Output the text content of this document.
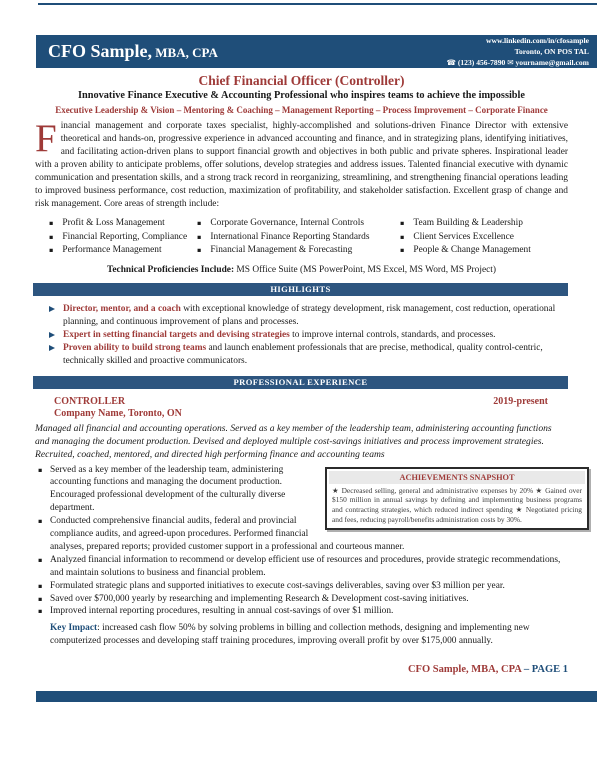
CFO Sample, MBA, CPA
www.linkedin.com/in/cfosample
Toronto, ON POS TAL
☎ (123) 456-7890 ✉ yourname@gmail.com
Chief Financial Officer (Controller)
Innovative Finance Executive & Accounting Professional who inspires teams to achieve the impossible
Executive Leadership & Vision – Mentoring & Coaching – Management Reporting – Process Improvement – Corporate Finance
Financial management and corporate taxes specialist, highly-accomplished and solutions-driven Finance Director with extensive theoretical and hands-on, progressive experience in advanced accounting and finance, and in strategizing plans, identifying initiatives, and facilitating action-driven plans to support financial growth and objectives in both public and private spheres. Inspirational leader with a proven ability to anticipate problems, offer solutions, develop strategies and address issues. Talented financial executive with dynamic communication and presentation skills, and a strong track record in reorganizing, streamlining, and strengthening financial operations leading to improved business performance, cost reduction, maximization of profitability, and stakeholder satisfaction. Excellent grasp of change and risk management. Core areas of strength include:
▪ Profit & Loss Management
▪ Financial Reporting, Compliance
▪ Performance Management
▪ Corporate Governance, Internal Controls
▪ International Finance Reporting Standards
▪ Financial Management & Forecasting
▪ Team Building & Leadership
▪ Client Services Excellence
▪ People & Change Management
Technical Proficiencies Include: MS Office Suite (MS PowerPoint, MS Excel, MS Word, MS Project)
HIGHLIGHTS
Director, mentor, and a coach with exceptional knowledge of strategy development, risk management, cost reduction, operational planning, and continuous improvement of plans and processes.
Expert in setting financial targets and devising strategies to improve internal controls, standards, and processes.
Proven ability to build strong teams and launch enablement professionals that are precise, methodical, quality control-centric, technically skilled and proactive communicators.
PROFESSIONAL EXPERIENCE
CONTROLLER	2019-present
Company Name, Toronto, ON
Managed all financial and accounting operations. Served as a key member of the leadership team, administering accounting functions and managing the document production. Devised and deployed multiple cost-savings initiatives and process improvement strategies. Recruited, coached, mentored, and directed high performing finance and accounting teams
ACHIEVEMENTS SNAPSHOT
★ Decreased selling, general and administrative expenses by 20% ★ Gained over $150 million in annual savings by defining and implementing business programs and contracting strategies, which reduced indirect spending ★ Negotiated pricing and fees, reducing payroll/benefits administration costs by 30%.
▪ Served as a key member of the leadership team, administering accounting functions and managing the document production. Encouraged professional development of the culturally diverse department.
▪ Conducted comprehensive financial audits, federal and provincial compliance audits, and agreed-upon procedures. Performed financial analyses, prepared reports; provided customer support in a professional and courteous manner.
▪ Analyzed financial information to recommend or develop efficient use of resources and procedures, provide strategic recommendations, and maintain solutions to business and financial problem.
▪ Formulated strategic plans and supported initiatives to execute cost-savings deliverables, saving over $3 million per year.
▪ Saved over $700,000 yearly by researching and implementing Research & Development cost-saving initiatives.
▪ Improved internal reporting procedures, resulting in annual cost-savings of over $1 million.
Key Impact: increased cash flow 50% by solving problems in billing and collection methods, designing and implementing new computerized processes and developing staff training procedures, improving overall profit by over $175,000 annually.
CFO Sample, MBA, CPA – PAGE 1
